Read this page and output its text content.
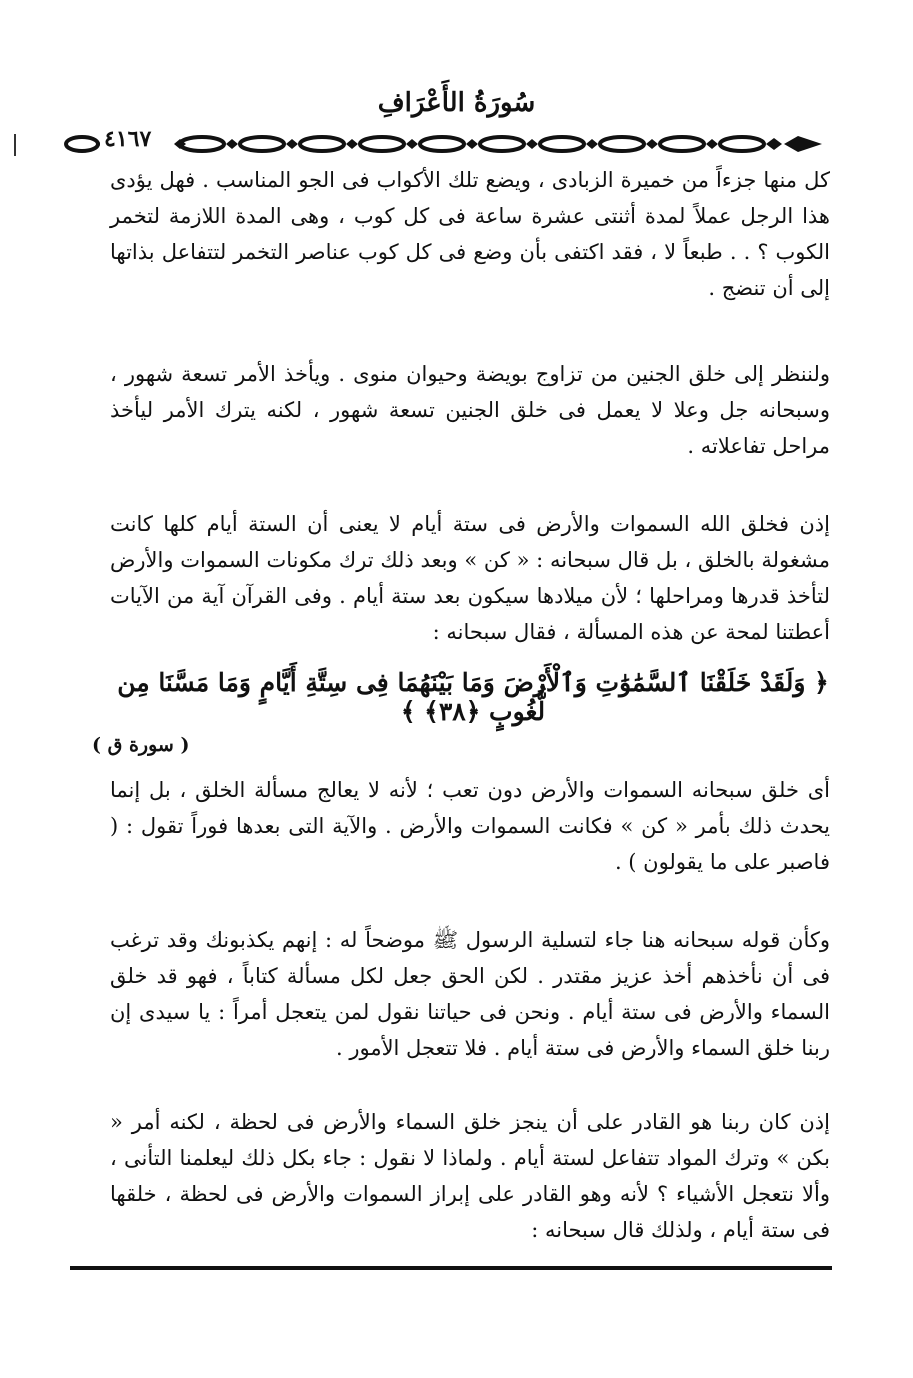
سُورَةُ الأَعْرَافِ
٤١٦٧

كل منها جزءاً من خميرة الزبادى ، ويضع تلك الأكواب فى الجو المناسب . فهل يؤدى هذا الرجل عملاً لمدة أثنتى عشرة ساعة فى كل كوب ، وهى المدة اللازمة لتخمر الكوب ؟ . . طبعاً لا ، فقد اكتفى بأن وضع فى كل كوب عناصر التخمر لتتفاعل بذاتها إلى أن تنضج .

ولننظر إلى خلق الجنين من تزاوج بويضة وحيوان منوى . ويأخذ الأمر تسعة شهور ، وسبحانه جل وعلا لا يعمل فى خلق الجنين تسعة شهور ، لكنه يترك الأمر ليأخذ مراحل تفاعلاته .

إذن فخلق الله السموات والأرض فى ستة أيام لا يعنى أن الستة أيام كلها كانت مشغولة بالخلق ، بل قال سبحانه : « كن » وبعد ذلك ترك مكونات السموات والأرض لتأخذ قدرها ومراحلها ؛ لأن ميلادها سيكون بعد ستة أيام . وفى القرآن آية من الآيات أعطتنا لمحة عن هذه المسألة ، فقال سبحانه :

﴿ وَلَقَدْ خَلَقْنَا ٱلسَّمَٰوَٰتِ وَٱلْأَرْضَ وَمَا بَيْنَهُمَا فِى سِتَّةِ أَيَّامٍ وَمَا مَسَّنَا مِن لُّغُوبٍ ﴿٣٨﴾ ﴾
( سورة ق )

أى خلق سبحانه السموات والأرض دون تعب ؛ لأنه لا يعالج مسألة الخلق ، بل إنما يحدث ذلك بأمر « كن » فكانت السموات والأرض . والآية التى بعدها فوراً تقول : ( فاصبر على ما يقولون ) .

وكأن قوله سبحانه هنا جاء لتسلية الرسول ﷺ موضحاً له : إنهم يكذبونك وقد ترغب فى أن نأخذهم أخذ عزيز مقتدر . لكن الحق جعل لكل مسألة كتاباً ، فهو قد خلق السماء والأرض فى ستة أيام . ونحن فى حياتنا نقول لمن يتعجل أمراً : يا سيدى إن ربنا خلق السماء والأرض فى ستة أيام . فلا تتعجل الأمور .

إذن كان ربنا هو القادر على أن ينجز خلق السماء والأرض فى لحظة ، لكنه أمر « بكن » وترك المواد تتفاعل لستة أيام . ولماذا لا نقول : جاء بكل ذلك ليعلمنا التأنى ، وألا نتعجل الأشياء ؟ لأنه وهو القادر على إبراز السموات والأرض فى لحظة ، خلقها فى ستة أيام ، ولذلك قال سبحانه :
